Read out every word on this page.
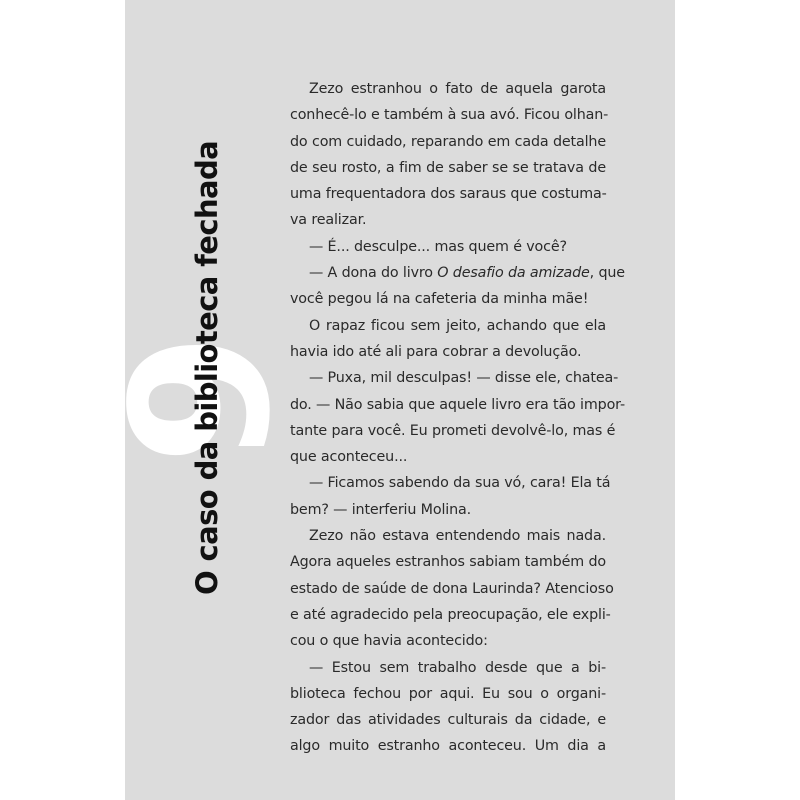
9
O caso da biblioteca fechada
Zezo estranhou o fato de aquela garota
conhecê-lo e também à sua avó. Ficou olhan-
do com cuidado, reparando em cada detalhe
de seu rosto, a fim de saber se se tratava de
uma frequentadora dos saraus que costuma-
va realizar.
— É... desculpe... mas quem é você?
— A dona do livro O desafio da amizade, que
você pegou lá na cafeteria da minha mãe!
O rapaz ficou sem jeito, achando que ela
havia ido até ali para cobrar a devolução.
— Puxa, mil desculpas! — disse ele, chatea-
do. — Não sabia que aquele livro era tão impor-
tante para você. Eu prometi devolvê-lo, mas é
que aconteceu...
— Ficamos sabendo da sua vó, cara! Ela tá
bem? — interferiu Molina.
Zezo não estava entendendo mais nada.
Agora aqueles estranhos sabiam também do
estado de saúde de dona Laurinda? Atencioso
e até agradecido pela preocupação, ele expli-
cou o que havia acontecido:
— Estou sem trabalho desde que a bi-
blioteca fechou por aqui. Eu sou o organi-
zador das atividades culturais da cidade, e
algo muito estranho aconteceu. Um dia a
